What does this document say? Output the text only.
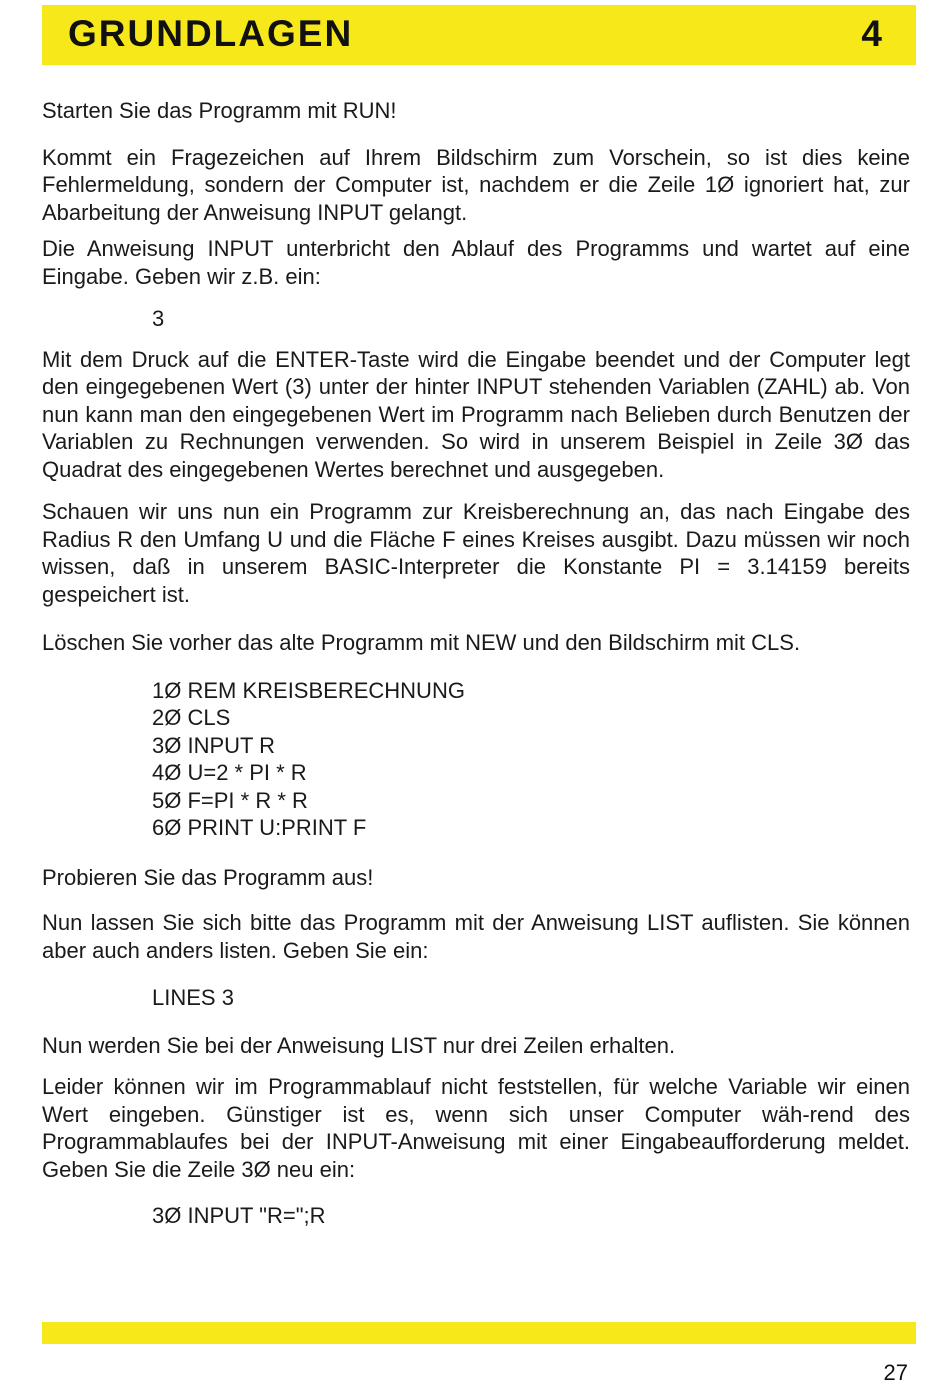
GRUNDLAGEN	4

Starten Sie das Programm mit RUN!

Kommt ein Fragezeichen auf Ihrem Bildschirm zum Vorschein, so ist dies keine Fehlermeldung, sondern der Computer ist, nachdem er die Zeile 1Ø ignoriert hat, zur Abarbeitung der Anweisung INPUT gelangt.

Die Anweisung INPUT unterbricht den Ablauf des Programms und wartet auf eine Eingabe. Geben wir z.B. ein:

3

Mit dem Druck auf die ENTER-Taste wird die Eingabe beendet und der Computer legt den eingegebenen Wert (3) unter der hinter INPUT stehenden Variablen (ZAHL) ab. Von nun kann man den eingegebenen Wert im Programm nach Belieben durch Benutzen der Variablen zu Rechnungen verwenden. So wird in unserem Beispiel in Zeile 3Ø das Quadrat des eingegebenen Wertes berechnet und ausgegeben.

Schauen wir uns nun ein Programm zur Kreisberechnung an, das nach Eingabe des Radius R den Umfang U und die Fläche F eines Kreises ausgibt. Dazu müssen wir noch wissen, daß in unserem BASIC-Interpreter die Konstante PI = 3.14159 bereits gespeichert ist.

Löschen Sie vorher das alte Programm mit NEW und den Bildschirm mit CLS.

1Ø REM KREISBERECHNUNG

2Ø CLS

3Ø INPUT R

4Ø U=2 * PI * R

5Ø F=PI * R * R

6Ø PRINT U:PRINT F

Probieren Sie das Programm aus!

Nun lassen Sie sich bitte das Programm mit der Anweisung LIST auflisten. Sie können aber auch anders listen. Geben Sie ein:

LINES 3

Nun werden Sie bei der Anweisung LIST nur drei Zeilen erhalten.

Leider können wir im Programmablauf nicht feststellen, für welche Variable wir einen Wert eingeben. Günstiger ist es, wenn sich unser Computer wäh-rend des Programmablaufes bei der INPUT-Anweisung mit einer Eingabeaufforderung meldet. Geben Sie die Zeile 3Ø neu ein:

3Ø INPUT "R=";R

27
